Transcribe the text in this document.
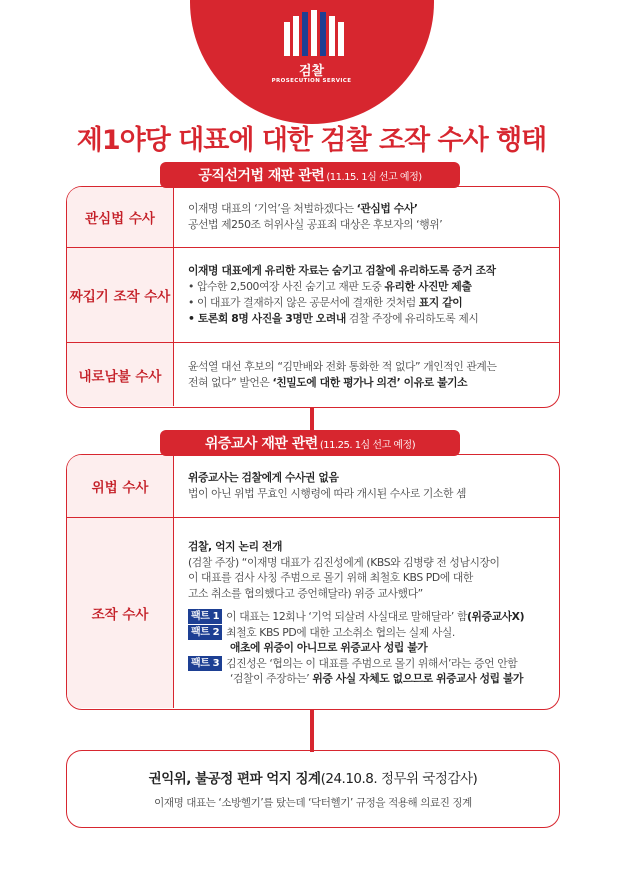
검찰
PROSECUTION SERVICE
제1야당 대표에 대한 검찰 조작 수사 행태
관심법 수사
이재명 대표의 ‘기억’을 처벌하겠다는 ‘관심법 수사’
공선법 제250조 허위사실 공표죄 대상은 후보자의 ‘행위’
짜깁기 조작 수사
이재명 대표에게 유리한 자료는 숨기고 검찰에 유리하도록 증거 조작
• 압수한 2,500여장 사진 숨기고 재판 도중 유리한 사진만 제출
• 이 대표가 결재하지 않은 공문서에 결재한 것처럼 표지 같이
• 토론회 8명 사진을 3명만 오려내 검찰 주장에 유리하도록 제시
내로남불 수사
윤석열 대선 후보의 “김만배와 전화 통화한 적 없다” 개인적인 관계는
전혀 없다” 발언은 ‘친밀도에 대한 평가나 의견’ 이유로 불기소
공직선거법 재판 관련 (11.15. 1심 선고 예정)
위법 수사
위증교사는 검찰에게 수사권 없음
법이 아닌 위법 무효인 시행령에 따라 개시된 수사로 기소한 셈
조작 수사
검찰, 억지 논리 전개
(검찰 주장) “이재명 대표가 김진성에게 (KBS와 김병량 전 성남시장이
이 대표를 검사 사칭 주범으로 몰기 위해 최철호 KBS PD에 대한
고소 취소를 협의했다고 증언해달라) 위증 교사했다”
팩트 1 이 대표는 12회나 ‘기억 되살려 사실대로 말해달라’ 함(위증교사X)
팩트 2 최철호 KBS PD에 대한 고소취소 협의는 실제 사실.
애초에 위증이 아니므로 위증교사 성립 불가
팩트 3 김진성은 ‘협의는 이 대표를 주범으로 몰기 위해서’라는 증언 안함
‘검찰이 주장하는’ 위증 사실 자체도 없으므로 위증교사 성립 불가
위증교사 재판 관련 (11.25. 1심 선고 예정)
권익위, 불공정 편파 억지 징계(24.10.8. 정무위 국정감사)
이재명 대표는 ‘소방헬기’를 탔는데 ‘닥터헬기’ 규정을 적용해 의료진 징계
